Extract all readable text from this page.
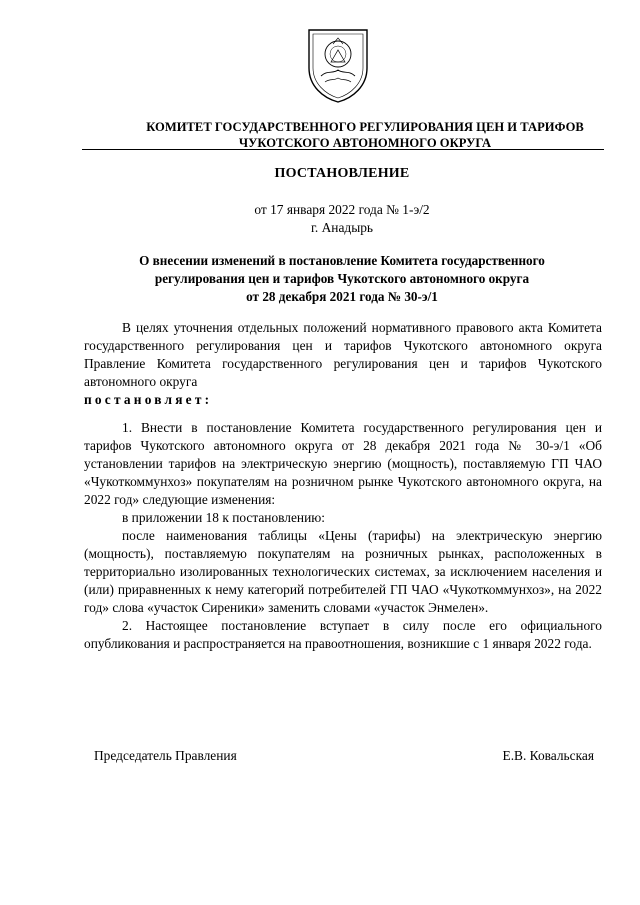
КОМИТЕТ ГОСУДАРСТВЕННОГО РЕГУЛИРОВАНИЯ ЦЕН И ТАРИФОВ
ЧУКОТСКОГО АВТОНОМНОГО ОКРУГА
ПОСТАНОВЛЕНИЕ
от 17 января 2022 года № 1-э/2
г. Анадырь
О внесении изменений в постановление Комитета государственного
регулирования цен и тарифов Чукотского автономного округа
от 28 декабря 2021 года № 30-э/1

В целях уточнения отдельных положений нормативного правового акта Комитета государственного регулирования цен и тарифов Чукотского автономного округа Правление Комитета государственного регулирования цен и тарифов Чукотского автономного округа

постановляет:

1. Внести в постановление Комитета государственного регулирования цен и тарифов Чукотского автономного округа от 28 декабря 2021 года № 30-э/1 «Об установлении тарифов на электрическую энергию (мощность), поставляемую ГП ЧАО «Чукоткоммунхоз» покупателям на розничном рынке Чукотского автономного округа, на 2022 год» следующие изменения:

в приложении 18 к постановлению:

после наименования таблицы «Цены (тарифы) на электрическую энергию (мощность), поставляемую покупателям на розничных рынках, расположенных в территориально изолированных технологических системах, за исключением населения и (или) приравненных к нему категорий потребителей ГП ЧАО «Чукоткоммунхоз», на 2022 год» слова «участок Сиреники» заменить словами «участок Энмелен».

2. Настоящее постановление вступает в силу после его официального опубликования и распространяется на правоотношения, возникшие с 1 января 2022 года.

Председатель Правления	Е.В. Ковальская
